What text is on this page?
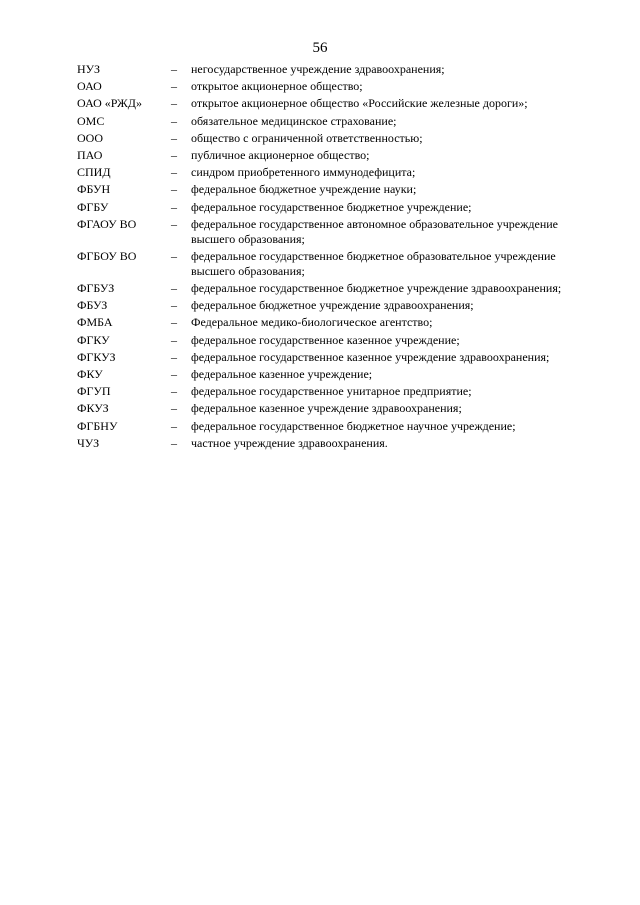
56
НУЗ	–	негосударственное учреждение здравоохранения;
ОАО	–	открытое акционерное общество;
ОАО «РЖД»	–	открытое акционерное общество «Российские железные дороги»;
ОМС	–	обязательное медицинское страхование;
ООО	–	общество с ограниченной ответственностью;
ПАО	–	публичное акционерное общество;
СПИД	–	синдром приобретенного иммунодефицита;
ФБУН	–	федеральное бюджетное учреждение науки;
ФГБУ	–	федеральное государственное бюджетное учреждение;
ФГАОУ ВО	–	федеральное государственное автономное образовательное учреждение высшего образования;
ФГБОУ ВО	–	федеральное государственное бюджетное образовательное учреждение высшего образования;
ФГБУЗ	–	федеральное государственное бюджетное учреждение здравоохранения;
ФБУЗ	–	федеральное бюджетное учреждение здравоохранения;
ФМБА	–	Федеральное медико-биологическое агентство;
ФГКУ	–	федеральное государственное казенное учреждение;
ФГКУЗ	–	федеральное государственное казенное учреждение здравоохранения;
ФКУ	–	федеральное казенное учреждение;
ФГУП	–	федеральное государственное унитарное предприятие;
ФКУЗ	–	федеральное казенное учреждение здравоохранения;
ФГБНУ	–	федеральное государственное бюджетное научное учреждение;
ЧУЗ	–	частное учреждение здравоохранения.
